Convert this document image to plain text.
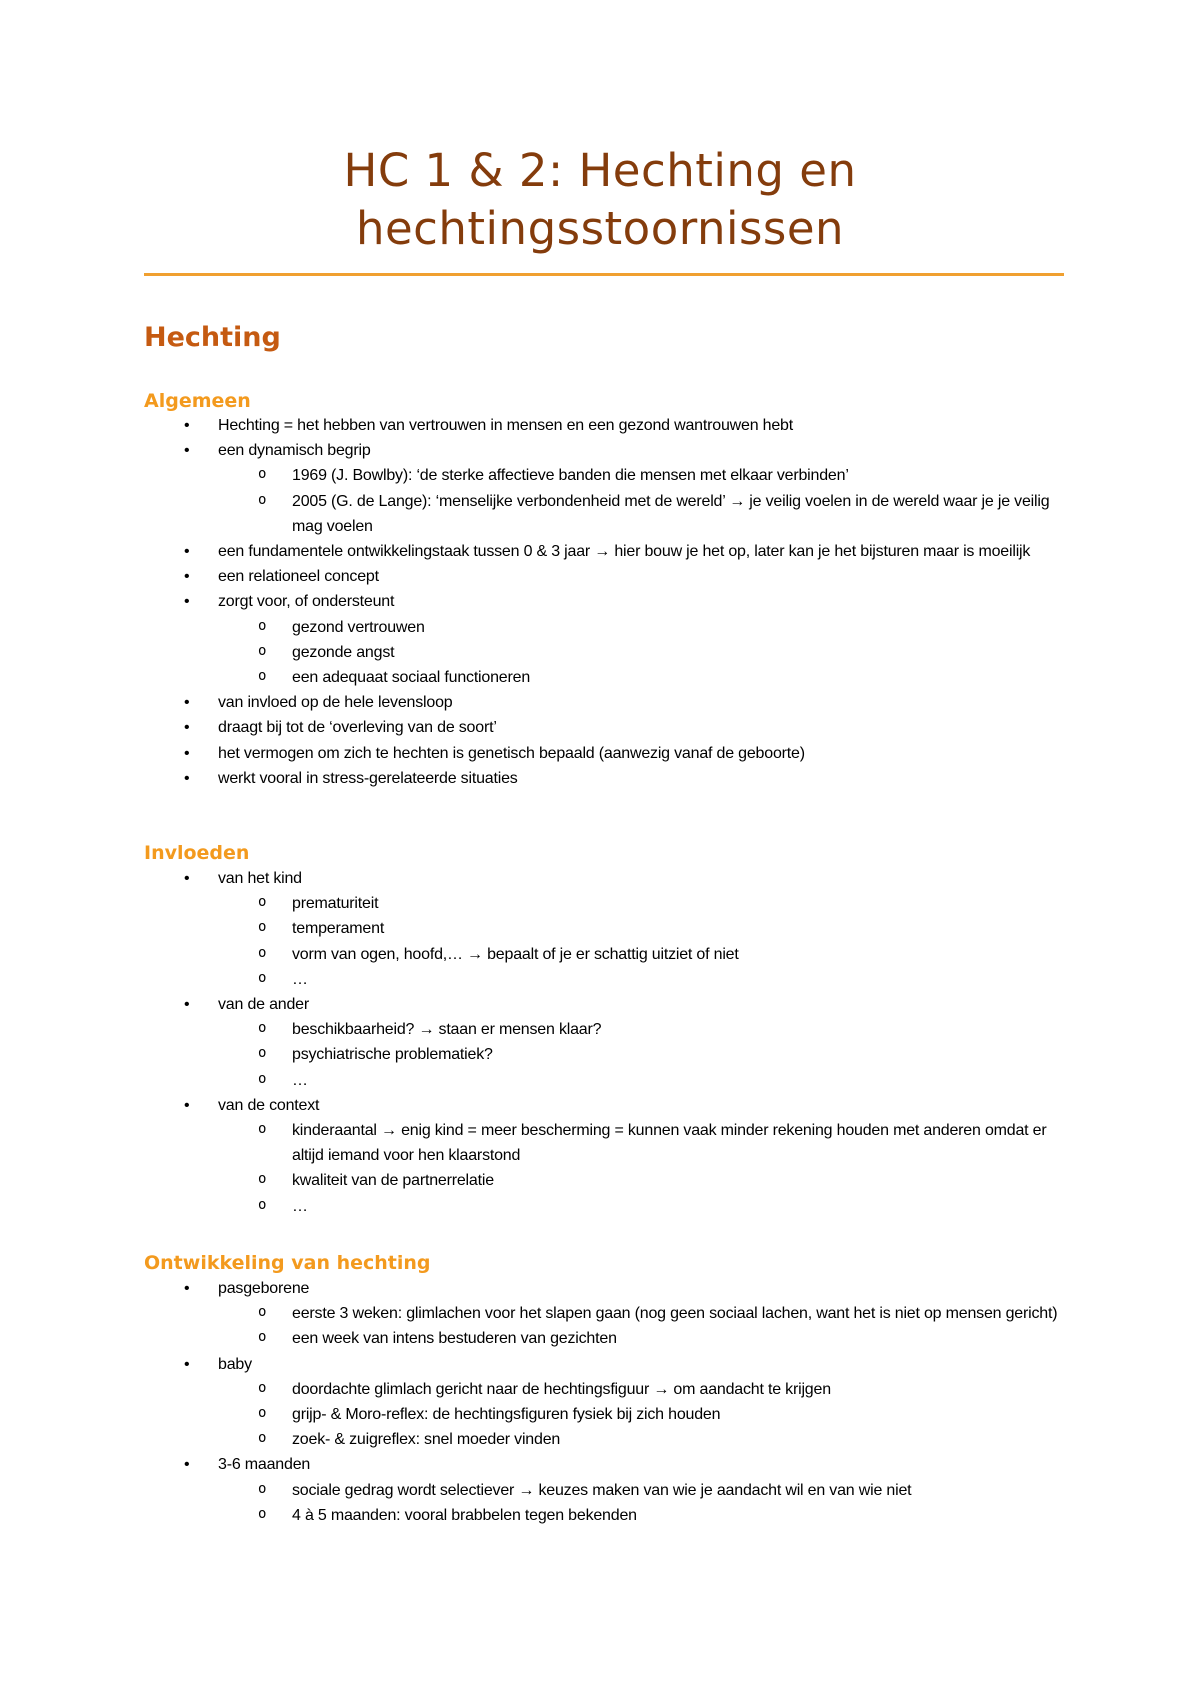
HC 1 & 2: Hechting en
hechtingsstoornissen
Hechting
Algemeen
• Hechting = het hebben van vertrouwen in mensen en een gezond wantrouwen hebt
• een dynamisch begrip
o 1969 (J. Bowlby): ‘de sterke affectieve banden die mensen met elkaar verbinden’
o 2005 (G. de Lange): ‘menselijke verbondenheid met de wereld’ → je veilig voelen in de wereld waar je je veilig mag voelen
• een fundamentele ontwikkelingstaak tussen 0 & 3 jaar → hier bouw je het op, later kan je het bijsturen maar is moeilijk
• een relationeel concept
• zorgt voor, of ondersteunt
o gezond vertrouwen
o gezonde angst
o een adequaat sociaal functioneren
• van invloed op de hele levensloop
• draagt bij tot de ‘overleving van de soort’
• het vermogen om zich te hechten is genetisch bepaald (aanwezig vanaf de geboorte)
• werkt vooral in stress-gerelateerde situaties
Invloeden
• van het kind
o prematuriteit
o temperament
o vorm van ogen, hoofd,… → bepaalt of je er schattig uitziet of niet
o …
• van de ander
o beschikbaarheid? → staan er mensen klaar?
o psychiatrische problematiek?
o …
• van de context
o kinderaantal → enig kind = meer bescherming = kunnen vaak minder rekening houden met anderen omdat er altijd iemand voor hen klaarstond
o kwaliteit van de partnerrelatie
o …
Ontwikkeling van hechting
• pasgeborene
o eerste 3 weken: glimlachen voor het slapen gaan (nog geen sociaal lachen, want het is niet op mensen gericht)
o een week van intens bestuderen van gezichten
• baby
o doordachte glimlach gericht naar de hechtingsfiguur → om aandacht te krijgen
o grijp- & Moro-reflex: de hechtingsfiguren fysiek bij zich houden
o zoek- & zuigreflex: snel moeder vinden
• 3-6 maanden
o sociale gedrag wordt selectiever → keuzes maken van wie je aandacht wil en van wie niet
o 4 à 5 maanden: vooral brabbelen tegen bekenden
